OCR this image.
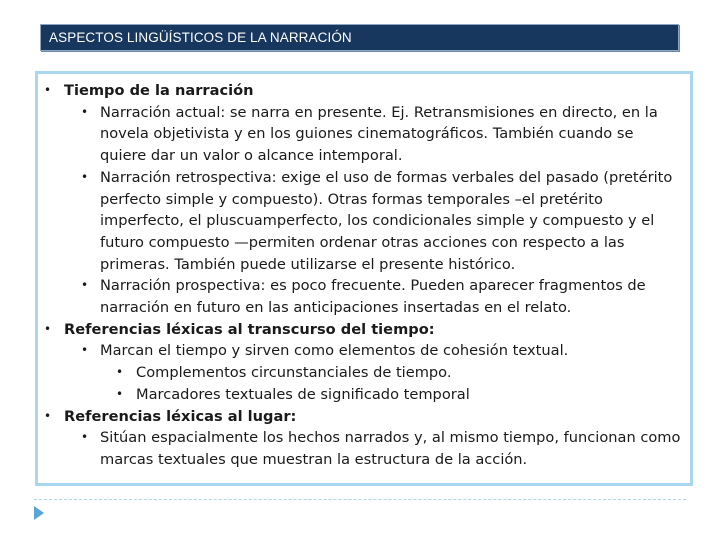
ASPECTOS LINGÜÍSTICOS DE LA NARRACIÓN
• Tiempo de la narración
• Narración actual: se narra en presente. Ej. Retransmisiones en directo, en la novela objetivista y en los guiones cinematográficos. También cuando se quiere dar un valor o alcance intemporal.
• Narración retrospectiva: exige el uso de formas verbales del pasado (pretérito perfecto simple y compuesto). Otras formas temporales –el pretérito imperfecto, el pluscuamperfecto, los condicionales simple y compuesto y el futuro compuesto —permiten ordenar otras acciones con respecto a las primeras. También puede utilizarse el presente histórico.
• Narración prospectiva: es poco frecuente. Pueden aparecer fragmentos de narración en futuro en las anticipaciones insertadas en el relato.
• Referencias léxicas al transcurso del tiempo:
• Marcan el tiempo y sirven como elementos de cohesión textual.
• Complementos circunstanciales de tiempo.
• Marcadores textuales de significado temporal
• Referencias léxicas al lugar:
• Sitúan espacialmente los hechos narrados y, al mismo tiempo, funcionan como marcas textuales que muestran la estructura de la acción.
